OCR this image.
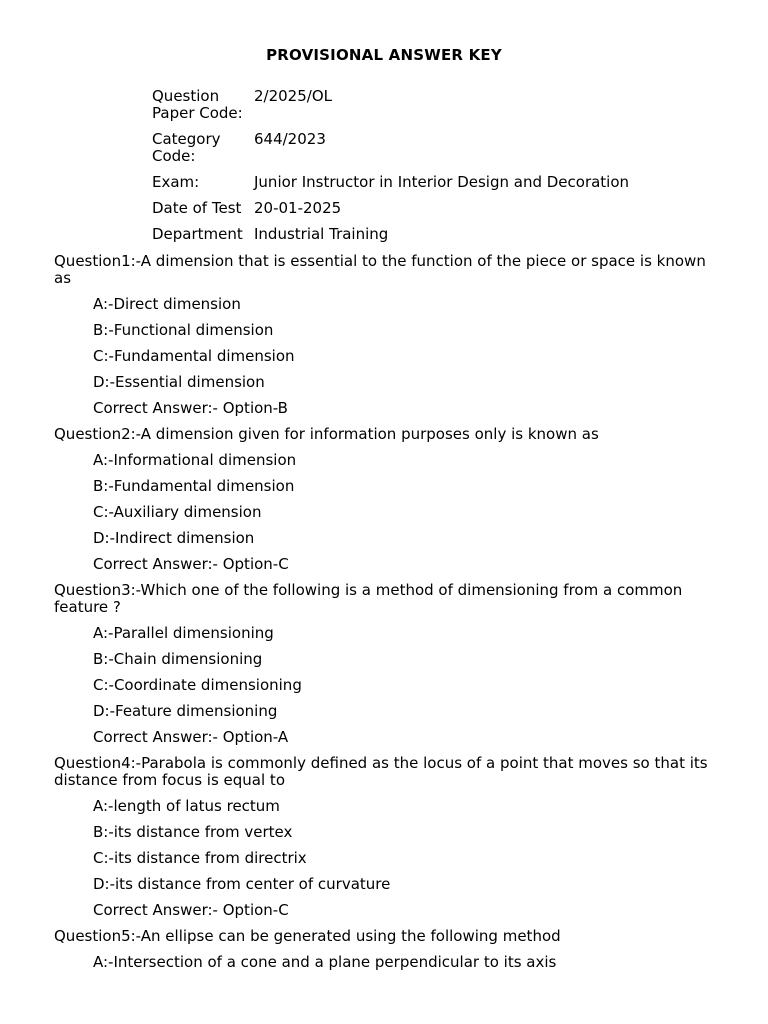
PROVISIONAL ANSWER KEY
Question Paper Code:	2/2025/OL
Category Code:	644/2023
Exam:	Junior Instructor in Interior Design and Decoration
Date of Test	20-01-2025
Department	Industrial Training

Question1:-A dimension that is essential to the function of the piece or space is known as

A:-Direct dimension

B:-Functional dimension

C:-Fundamental dimension

D:-Essential dimension

Correct Answer:- Option-B

Question2:-A dimension given for information purposes only is known as

A:-Informational dimension

B:-Fundamental dimension

C:-Auxiliary dimension

D:-Indirect dimension

Correct Answer:- Option-C

Question3:-Which one of the following is a method of dimensioning from a common feature ?

A:-Parallel dimensioning

B:-Chain dimensioning

C:-Coordinate dimensioning

D:-Feature dimensioning

Correct Answer:- Option-A

Question4:-Parabola is commonly defined as the locus of a point that moves so that its distance from focus is equal to

A:-length of latus rectum

B:-its distance from vertex

C:-its distance from directrix

D:-its distance from center of curvature

Correct Answer:- Option-C

Question5:-An ellipse can be generated using the following method

A:-Intersection of a cone and a plane perpendicular to its axis
